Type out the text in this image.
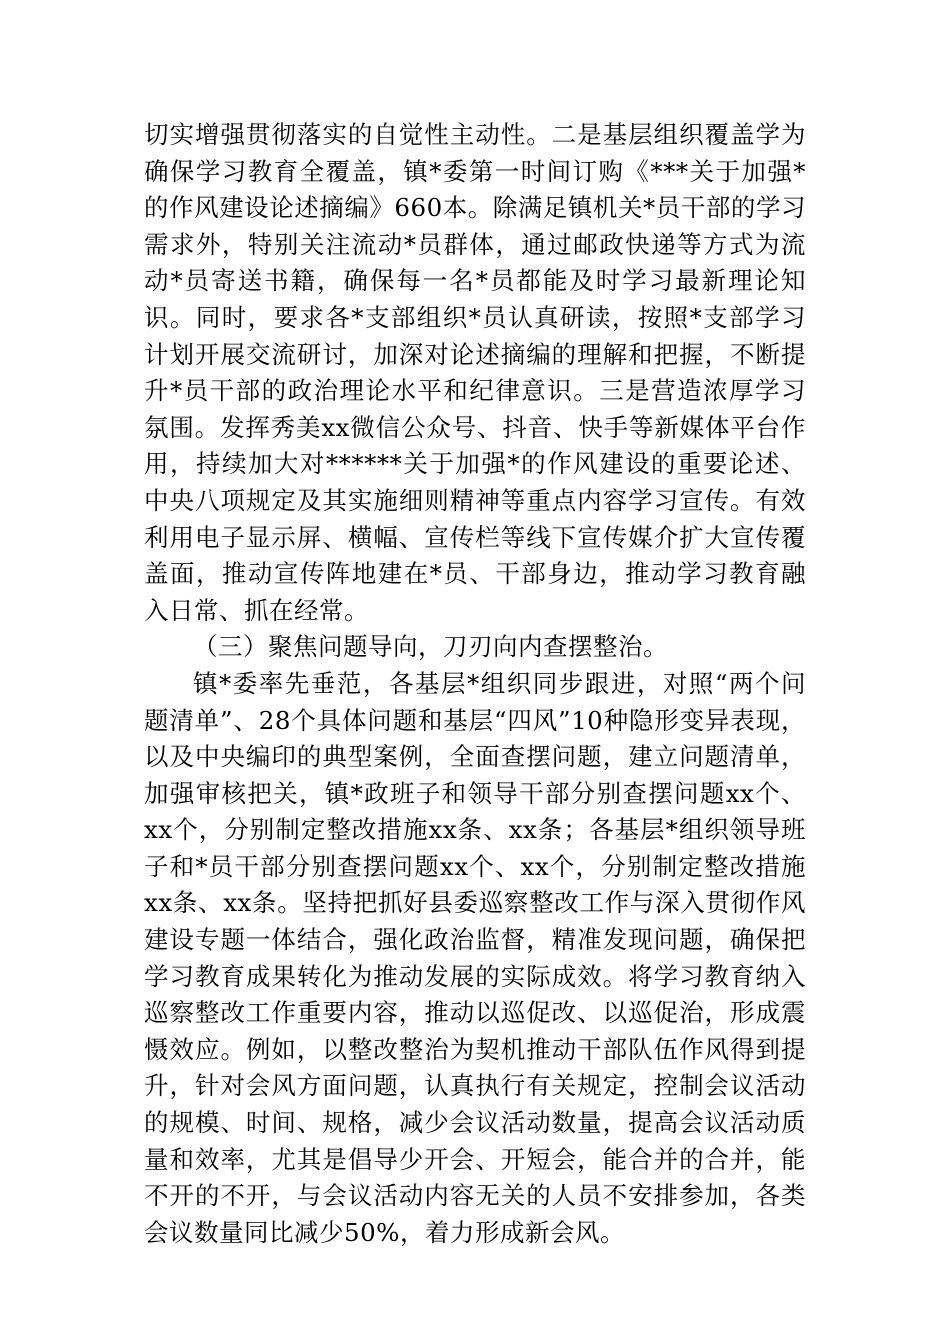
切实增强贯彻落实的自觉性主动性。二是基层组织覆盖学为确保学习教育全覆盖，镇*委第一时间订购《***关于加强*的作风建设论述摘编》660本。除满足镇机关*员干部的学习需求外，特别关注流动*员群体，通过邮政快递等方式为流动*员寄送书籍，确保每一名*员都能及时学习最新理论知识。同时，要求各*支部组织*员认真研读，按照*支部学习计划开展交流研讨，加深对论述摘编的理解和把握，不断提升*员干部的政治理论水平和纪律意识。三是营造浓厚学习氛围。发挥秀美xx微信公众号、抖音、快手等新媒体平台作用，持续加大对******关于加强*的作风建设的重要论述、中央八项规定及其实施细则精神等重点内容学习宣传。有效利用电子显示屏、横幅、宣传栏等线下宣传媒介扩大宣传覆盖面，推动宣传阵地建在*员、干部身边，推动学习教育融入日常、抓在经常。

（三）聚焦问题导向，刀刃向内查摆整治。

镇*委率先垂范，各基层*组织同步跟进，对照“两个问题清单”、28个具体问题和基层“四风”10种隐形变异表现，以及中央编印的典型案例，全面查摆问题，建立问题清单，加强审核把关，镇*政班子和领导干部分别查摆问题xx个、xx个，分别制定整改措施xx条、xx条；各基层*组织领导班子和*员干部分别查摆问题xx个、xx个，分别制定整改措施xx条、xx条。坚持把抓好县委巡察整改工作与深入贯彻作风建设专题一体结合，强化政治监督，精准发现问题，确保把学习教育成果转化为推动发展的实际成效。将学习教育纳入巡察整改工作重要内容，推动以巡促改、以巡促治，形成震慑效应。例如，以整改整治为契机推动干部队伍作风得到提升，针对会风方面问题，认真执行有关规定，控制会议活动的规模、时间、规格，减少会议活动数量，提高会议活动质量和效率，尤其是倡导少开会、开短会，能合并的合并，能不开的不开，与会议活动内容无关的人员不安排参加，各类会议数量同比减少50%，着力形成新会风。
